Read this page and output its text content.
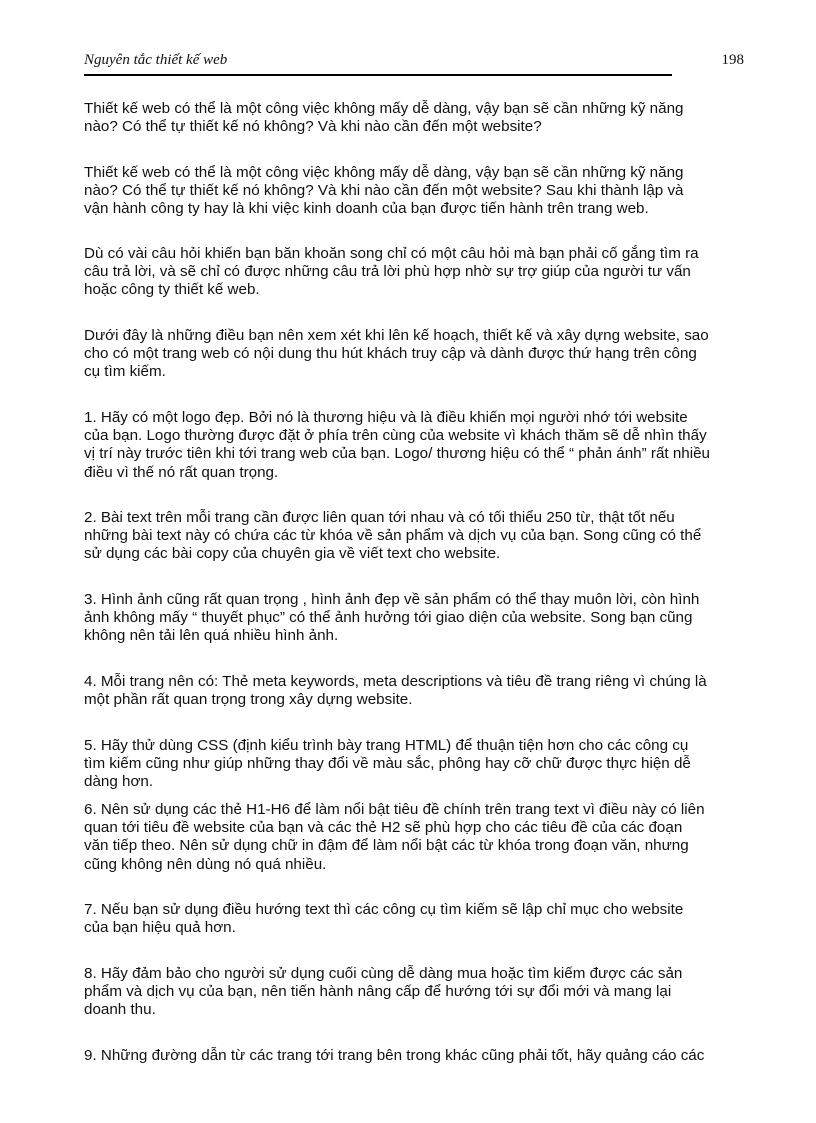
Nguyên tắc thiết kế web	198
Thiết kế web có thể là một công việc không mấy dễ dàng, vậy bạn sẽ cần những kỹ năng
nào? Có thể tự thiết kế nó không? Và khi nào cần đến một website?
Thiết kế web có thể là một công việc không mấy dễ dàng, vậy bạn sẽ cần những kỹ năng
nào? Có thể tự thiết kế nó không? Và khi nào cần đến một website? Sau khi thành lập và
vận hành công ty hay là khi việc kinh doanh của bạn được tiến hành trên trang web.
Dù có vài câu hỏi khiến bạn băn khoăn song chỉ có một câu hỏi mà bạn phải cố gắng tìm ra
câu trả lời, và sẽ chỉ có được những câu trả lời phù hợp nhờ sự trợ giúp của người tư vấn
hoặc công ty thiết kế web.
Dưới đây là những điều bạn nên xem xét khi lên kế hoạch, thiết kế và xây dựng website, sao
cho có một trang web có nội dung thu hút khách truy cập và dành được thứ hạng trên công
cụ tìm kiếm.
1. Hãy có một logo đẹp. Bởi nó là thương hiệu và là điều khiến mọi người nhớ tới website
của bạn. Logo thường được đặt ở phía trên cùng của website vì khách thăm sẽ dễ nhìn thấy
vị trí này trước tiên khi tới trang web của bạn. Logo/ thương hiệu có thể “ phản ánh” rất nhiều
điều vì thế nó rất quan trọng.
2. Bài text trên mỗi trang cần được liên quan tới nhau và có tối thiểu 250 từ, thật tốt nếu
những bài text này có chứa các từ khóa về sản phẩm và dịch vụ của bạn. Song cũng có thể
sử dụng các bài copy của chuyên gia về viết text cho website.
3. Hình ảnh cũng rất quan trọng , hình ảnh đẹp về sản phẩm có thể thay muôn lời, còn hình
ảnh không mấy “ thuyết phục” có thể ảnh hưởng tới giao diện của website. Song bạn cũng
không nên tải lên quá nhiều hình ảnh.
4. Mỗi trang nên có: Thẻ meta keywords, meta descriptions và tiêu đề trang riêng vì chúng là
một phần rất quan trọng trong xây dựng website.
5. Hãy thử dùng CSS (định kiểu trình bày trang HTML) để thuận tiện hơn cho các công cụ
tìm kiếm cũng như giúp những thay đổi về màu sắc, phông hay cỡ chữ được thực hiện dễ
dàng hơn.
6. Nên sử dụng các thẻ H1-H6 để làm nổi bật tiêu đề chính trên trang text vì điều này có liên
quan tới tiêu đề website của bạn và các thẻ H2 sẽ phù hợp cho các tiêu đề của các đoạn
văn tiếp theo. Nên sử dụng chữ in đậm để làm nổi bật các từ khóa trong đoạn văn, nhưng
cũng không nên dùng nó quá nhiều.
7. Nếu bạn sử dụng điều hướng text thì các công cụ tìm kiếm sẽ lập chỉ mục cho website
của bạn hiệu quả hơn.
8. Hãy đảm bảo cho người sử dụng cuối cùng dễ dàng mua hoặc tìm kiếm được các sản
phẩm và dịch vụ của bạn, nên tiến hành nâng cấp để hướng tới sự đổi mới và mang lại
doanh thu.
9. Những đường dẫn từ các trang tới trang bên trong khác cũng phải tốt, hãy quảng cáo các
